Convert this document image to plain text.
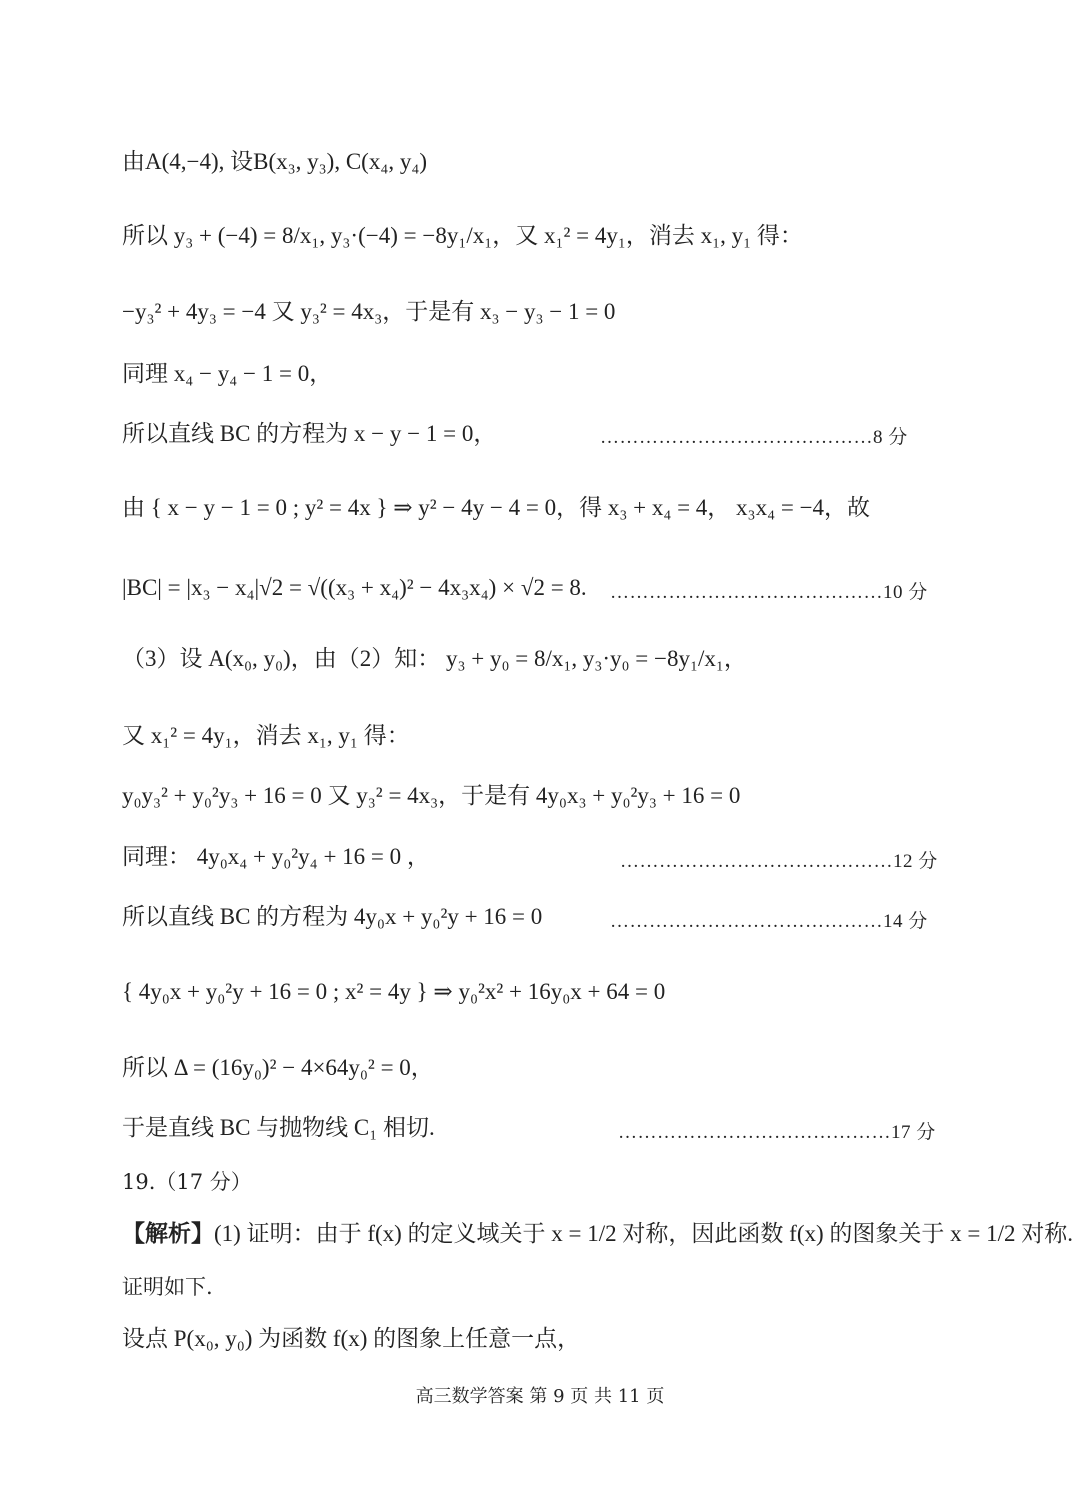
由A(4,−4), 设B(x₃, y₃), C(x₄, y₄)
所以 y₃ + (−4) = 8/x₁, y₃·(−4) = −8y₁/x₁，又 x₁² = 4y₁，消去 x₁, y₁ 得：
−y₃² + 4y₃ = −4 又 y₃² = 4x₃，于是有 x₃ − y₃ − 1 = 0
同理 x₄ − y₄ − 1 = 0，
所以直线 BC 的方程为 x − y − 1 = 0，	……………………………………8 分
由 { x − y − 1 = 0 ; y² = 4x } ⇒ y² − 4y − 4 = 0，得 x₃ + x₄ = 4， x₃x₄ = −4，故
|BC| = |x₃ − x₄|√2 = √((x₃ + x₄)² − 4x₃x₄) × √2 = 8. ……………………………………10 分
（3）设 A(x₀, y₀)，由（2）知： y₃ + y₀ = 8/x₁, y₃·y₀ = −8y₁/x₁，
又 x₁² = 4y₁，消去 x₁, y₁ 得：
y₀y₃² + y₀²y₃ + 16 = 0 又 y₃² = 4x₃，于是有 4y₀x₃ + y₀²y₃ + 16 = 0
同理： 4y₀x₄ + y₀²y₄ + 16 = 0 ，	……………………………………12 分
所以直线 BC 的方程为 4y₀x + y₀²y + 16 = 0	……………………………………14 分
{ 4y₀x + y₀²y + 16 = 0 ; x² = 4y } ⇒ y₀²x² + 16y₀x + 64 = 0
所以 Δ = (16y₀)² − 4×64y₀² = 0，
于是直线 BC 与抛物线 C₁ 相切.	……………………………………17 分
19.（17 分）
【解析】(1) 证明：由于 f(x) 的定义域关于 x = 1/2 对称，因此函数 f(x) 的图象关于 x = 1/2 对称.
证明如下.
设点 P(x₀, y₀) 为函数 f(x) 的图象上任意一点，
高三数学答案 第 9 页 共 11 页
